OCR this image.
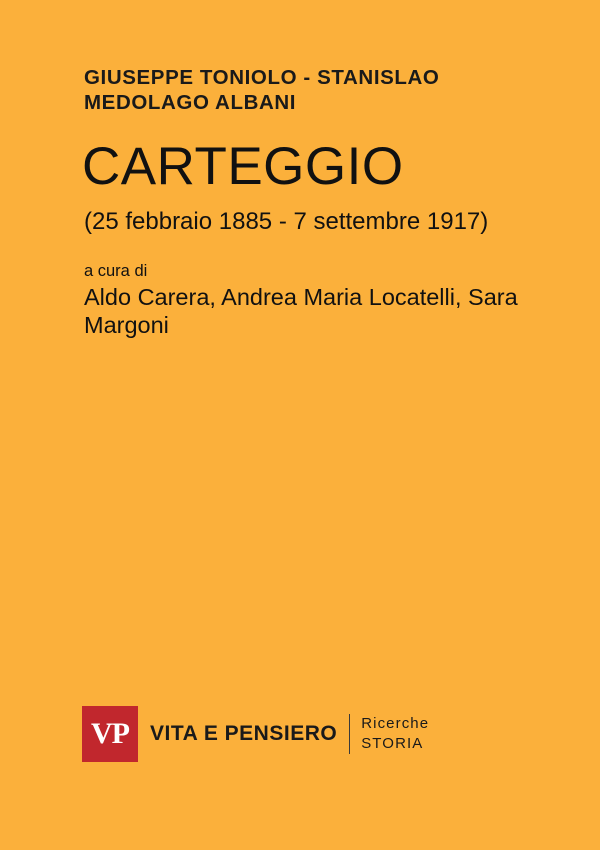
GIUSEPPE TONIOLO - STANISLAO MEDOLAGO ALBANI
CARTEGGIO
(25 febbraio 1885 - 7 settembre 1917)
a cura di
Aldo Carera, Andrea Maria Locatelli, Sara Margoni
VP	VITA E PENSIERO Ricerche
STORIA
